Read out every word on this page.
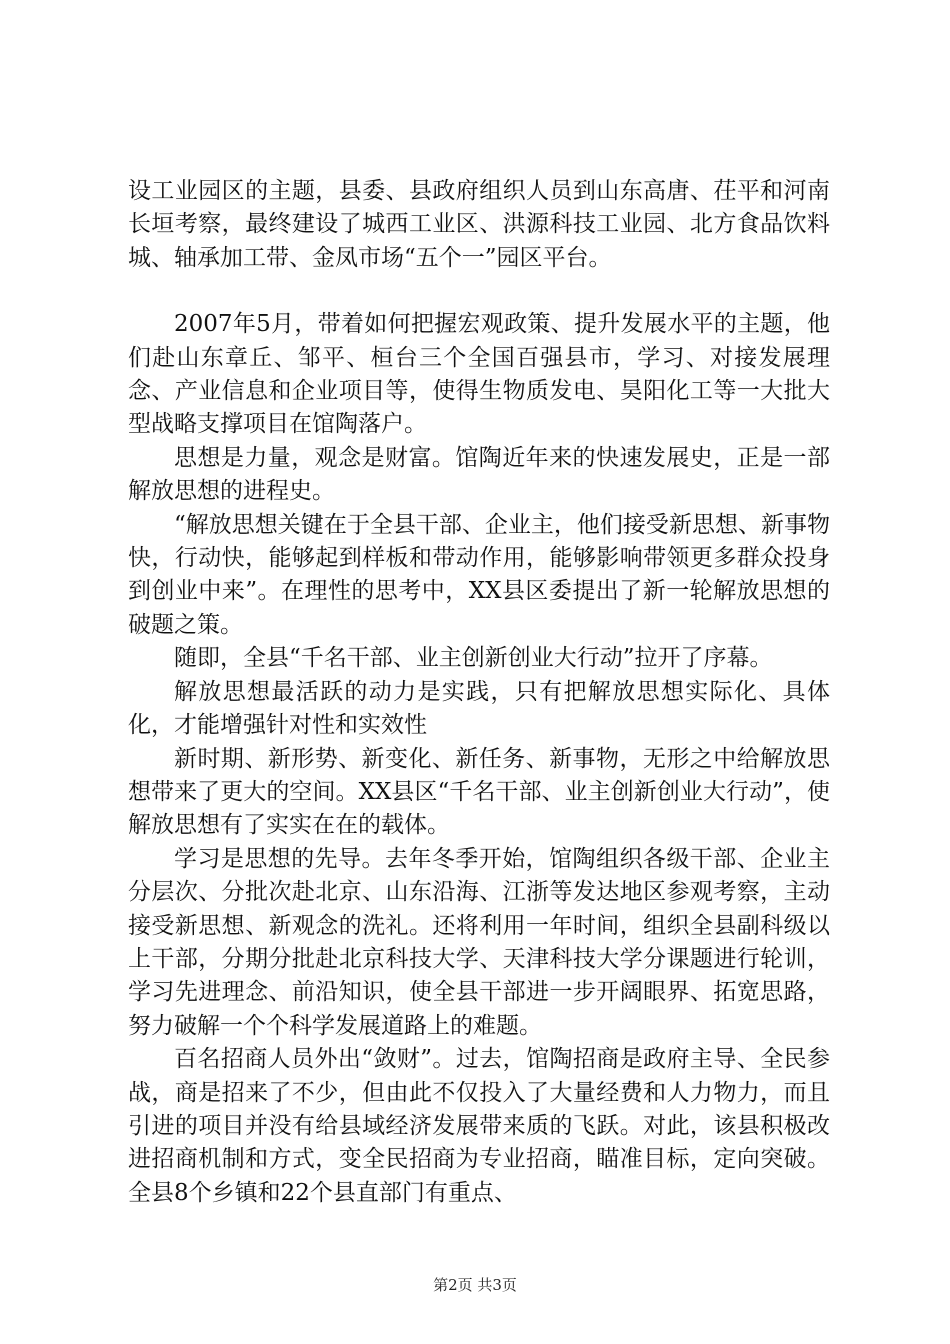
设工业园区的主题，县委、县政府组织人员到山东高唐、茌平和河南长垣考察，最终建设了城西工业区、洪源科技工业园、北方食品饮料城、轴承加工带、金凤市场“五个一”园区平台。

2007年5月，带着如何把握宏观政策、提升发展水平的主题，他们赴山东章丘、邹平、桓台三个全国百强县市，学习、对接发展理念、产业信息和企业项目等，使得生物质发电、昊阳化工等一大批大型战略支撑项目在馆陶落户。

思想是力量，观念是财富。馆陶近年来的快速发展史，正是一部解放思想的进程史。

“解放思想关键在于全县干部、企业主，他们接受新思想、新事物快，行动快，能够起到样板和带动作用，能够影响带领更多群众投身到创业中来”。在理性的思考中，XX县区委提出了新一轮解放思想的破题之策。

随即，全县“千名干部、业主创新创业大行动”拉开了序幕。

解放思想最活跃的动力是实践，只有把解放思想实际化、具体化，才能增强针对性和实效性

新时期、新形势、新变化、新任务、新事物，无形之中给解放思想带来了更大的空间。XX县区“千名干部、业主创新创业大行动”，使解放思想有了实实在在的载体。

学习是思想的先导。去年冬季开始，馆陶组织各级干部、企业主分层次、分批次赴北京、山东沿海、江浙等发达地区参观考察，主动接受新思想、新观念的洗礼。还将利用一年时间，组织全县副科级以上干部，分期分批赴北京科技大学、天津科技大学分课题进行轮训，学习先进理念、前沿知识，使全县干部进一步开阔眼界、拓宽思路，努力破解一个个科学发展道路上的难题。

百名招商人员外出“敛财”。过去，馆陶招商是政府主导、全民参战，商是招来了不少，但由此不仅投入了大量经费和人力物力，而且引进的项目并没有给县域经济发展带来质的飞跃。对此，该县积极改进招商机制和方式，变全民招商为专业招商，瞄准目标，定向突破。全县8个乡镇和22个县直部门有重点、

第2页 共3页
